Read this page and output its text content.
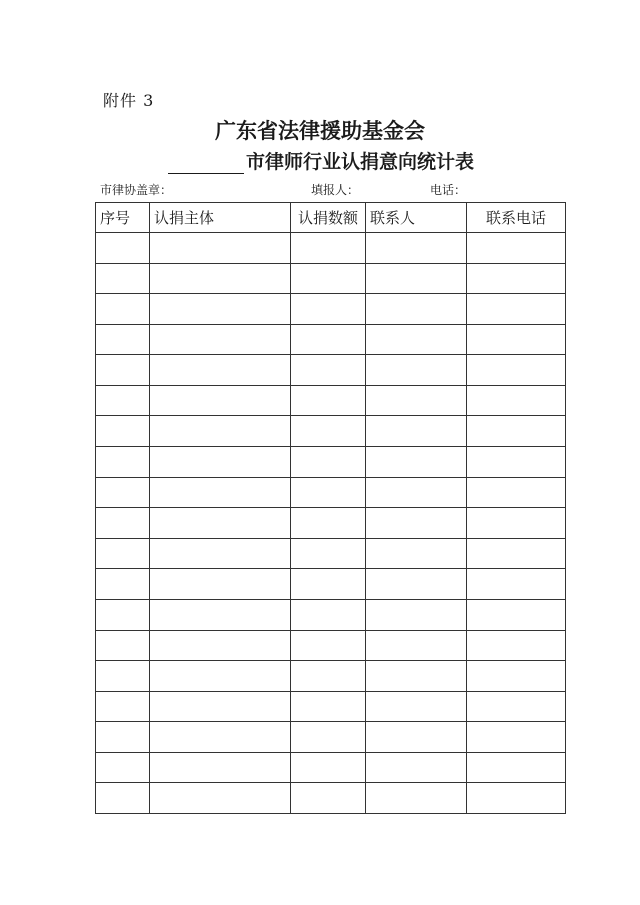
附件 3
广东省法律援助基金会
市律师行业认捐意向统计表
市律协盖章：	填报人：	电话：
序号	认捐主体	认捐数额	联系人	联系电话
